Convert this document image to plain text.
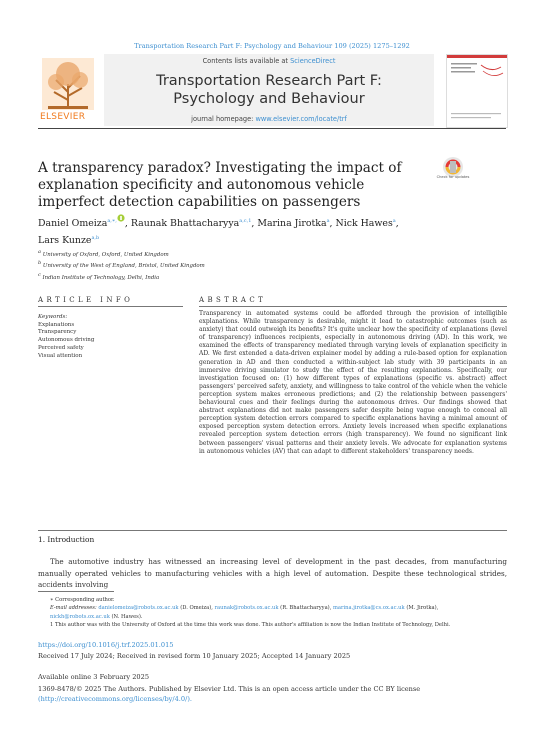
Transportation Research Part F: Psychology and Behaviour 109 (2025) 1275–1292
ELSEVIER
Contents lists available at ScienceDirect
Transportation Research Part F:
Psychology and Behaviour
journal homepage: www.elsevier.com/locate/trf
A transparency paradox? Investigating the impact of explanation specificity and autonomous vehicle imperfect detection capabilities on passengers
Check for updates
Daniel Omeiza$^{a,∗,}$ , Raunak Bhattacharyya$^{a,c,1}$, Marina Jirotka$^a$, Nick Hawes$^a$,
Lars Kunze$^{a,b}$
$^a$ University of Oxford, Oxford, United Kingdom
$^b$ University of the West of England, Bristol, United Kingdom
$^c$ Indian Institute of Technology, Delhi, India
ARTICLE INFO	ABSTRACT
Keywords:
Explanations
Transparency
Autonomous driving
Perceived safety
Visual attention
Transparency in automated systems could be afforded through the provision of intelligible explanations. While transparency is desirable, might it lead to catastrophic outcomes (such as anxiety) that could outweigh its benefits? It's quite unclear how the specificity of explanations (level of transparency) influences recipients, especially in autonomous driving (AD). In this work, we examined the effects of transparency mediated through varying levels of explanation specificity in AD. We first extended a data-driven explainer model by adding a rule-based option for explanation generation in AD and then conducted a within-subject lab study with 39 participants in an immersive driving simulator to study the effect of the resulting explanations. Specifically, our investigation focused on: (1) how different types of explanations (specific vs. abstract) affect passengers' perceived safety, anxiety, and willingness to take control of the vehicle when the vehicle perception system makes erroneous predictions; and (2) the relationship between passengers' behavioural cues and their feelings during the autonomous drives. Our findings showed that abstract explanations did not make passengers safer despite being vague enough to conceal all perception system detection errors compared to specific explanations having a minimal amount of exposed perception system detection errors. Anxiety levels increased when specific explanations revealed perception system detection errors (high transparency). We found no significant link between passengers' visual patterns and their anxiety levels. We advocate for explanation systems in autonomous vehicles (AV) that can adapt to different stakeholders' transparency needs.
1. Introduction
The automotive industry has witnessed an increasing level of development in the past decades, from manufacturing manually operated vehicles to manufacturing vehicles with a high level of automation. Despite these technological strides, accidents involving
∗ Corresponding author.
E-mail addresses: danielomeiza@robots.ox.ac.uk (D. Omeiza), raunak@robots.ox.ac.uk (R. Bhattacharyya), marina.jirotka@cs.ox.ac.uk (M. Jirotka),
nickh@robots.ox.ac.uk (N. Hawes).
1 This author was with the University of Oxford at the time this work was done. This author's affiliation is now the Indian Institute of Technology, Delhi.
https://doi.org/10.1016/j.trf.2025.01.015
Received 17 July 2024; Received in revised form 10 January 2025; Accepted 14 January 2025
Available online 3 February 2025
1369-8478/© 2025 The Authors. Published by Elsevier Ltd. This is an open access article under the CC BY license
(http://creativecommons.org/licenses/by/4.0/).
